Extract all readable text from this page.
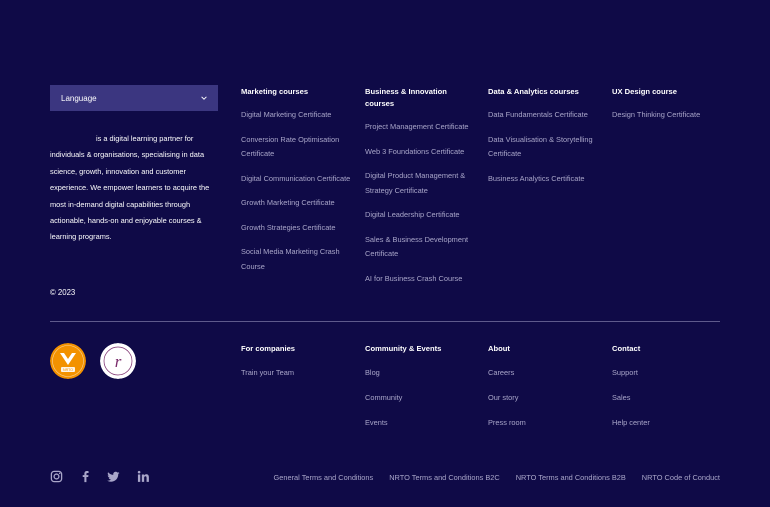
Language
is a digital learning partner for individuals & organisations, specialising in data science, growth, innovation and customer experience. We empower learners to acquire the most in-demand digital capabilities through actionable, hands-on and enjoyable courses & learning programs.
© 2023
Marketing courses
Digital Marketing Certificate
Conversion Rate Optimisation Certificate
Digital Communication Certificate
Growth Marketing Certificate
Growth Strategies Certificate
Social Media Marketing Crash Course
Business & Innovation courses
Project Management Certificate
Web 3 Foundations Certificate
Digital Product Management & Strategy Certificate
Digital Leadership Certificate
Sales & Business Development Certificate
AI for Business Crash Course
Data & Analytics courses
Data Fundamentals Certificate
Data Visualisation & Storytelling Certificate
Business Analytics Certificate
UX Design course
Design Thinking Certificate
NRTO r
For companies
Train your Team
Community & Events
Blog
Community
Events
About
Careers
Our story
Press room
Contact
Support
Sales
Help center
General Terms and Conditions NRTO Terms and Conditions B2C NRTO Terms and Conditions B2B NRTO Code of Conduct
